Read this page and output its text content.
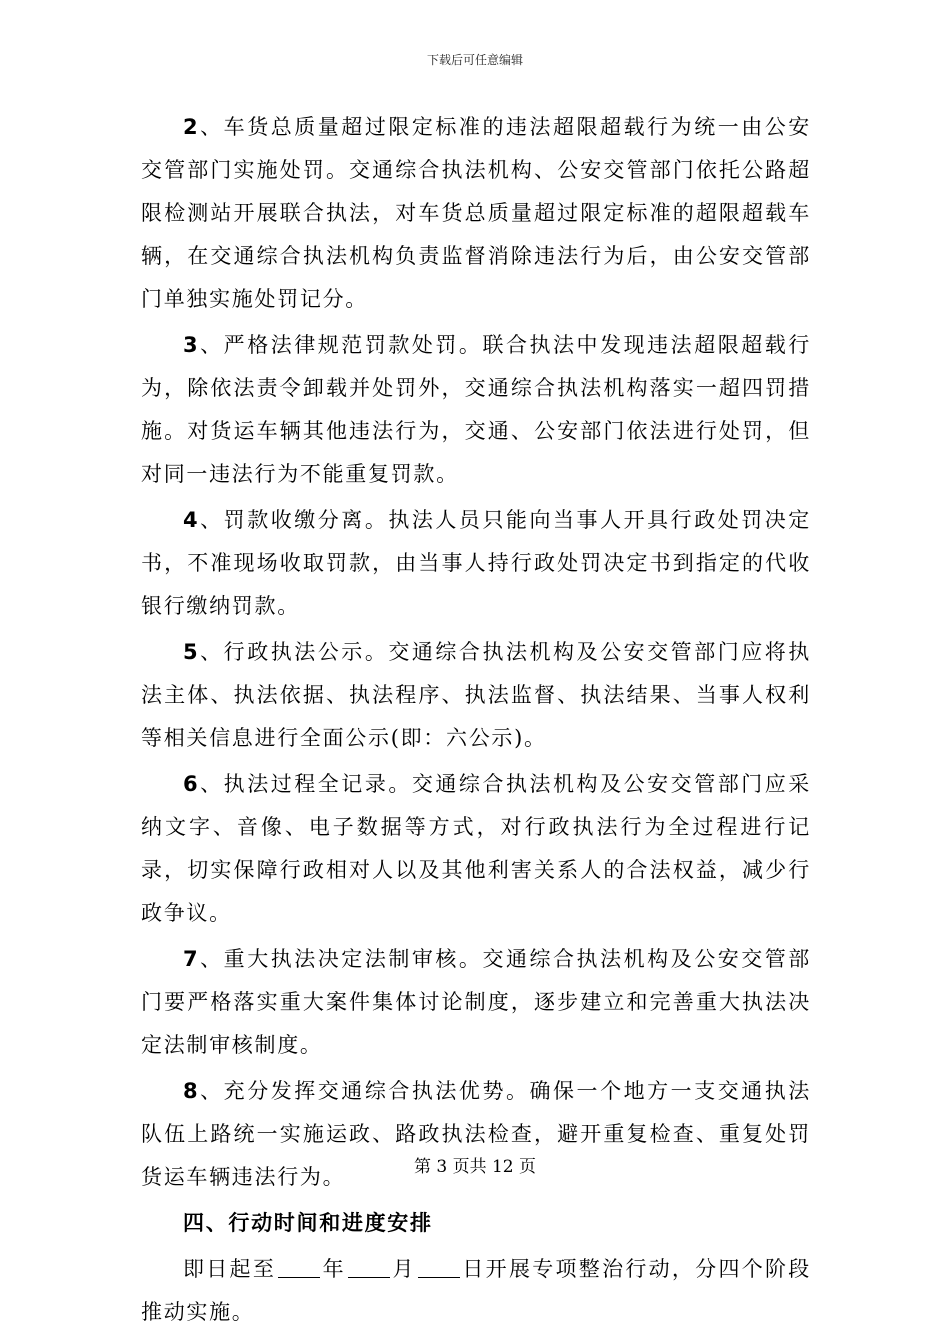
下载后可任意编辑

2、车货总质量超过限定标准的违法超限超载行为统一由公安交管部门实施处罚。交通综合执法机构、公安交管部门依托公路超限检测站开展联合执法，对车货总质量超过限定标准的超限超载车辆，在交通综合执法机构负责监督消除违法行为后，由公安交管部门单独实施处罚记分。

3、严格法律规范罚款处罚。联合执法中发现违法超限超载行为，除依法责令卸载并处罚外，交通综合执法机构落实一超四罚措施。对货运车辆其他违法行为，交通、公安部门依法进行处罚，但对同一违法行为不能重复罚款。

4、罚款收缴分离。执法人员只能向当事人开具行政处罚决定书，不准现场收取罚款，由当事人持行政处罚决定书到指定的代收银行缴纳罚款。

5、行政执法公示。交通综合执法机构及公安交管部门应将执法主体、执法依据、执法程序、执法监督、执法结果、当事人权利等相关信息进行全面公示(即：六公示)。

6、执法过程全记录。交通综合执法机构及公安交管部门应采纳文字、音像、电子数据等方式，对行政执法行为全过程进行记录，切实保障行政相对人以及其他利害关系人的合法权益，减少行政争议。

7、重大执法决定法制审核。交通综合执法机构及公安交管部门要严格落实重大案件集体讨论制度，逐步建立和完善重大执法决定法制审核制度。

8、充分发挥交通综合执法优势。确保一个地方一支交通执法队伍上路统一实施运政、路政执法检查，避开重复检查、重复处罚货运车辆违法行为。

四、行动时间和进度安排

即日起至 年 月 日开展专项整治行动，分四个阶段推动实施。

第 3 页共 12 页
